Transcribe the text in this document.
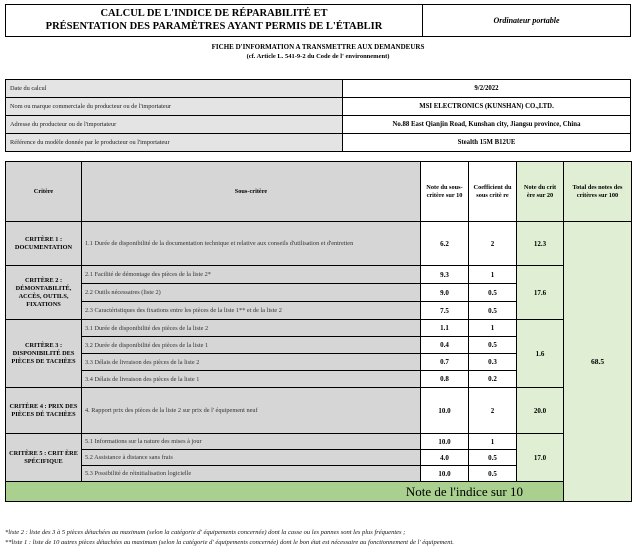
CALCUL DE L'INDICE DE RÉPARABILITÉ ET
PRÉSENTATION DES PARAMÈTRES AYANT PERMIS DE L'ÉTABLIR
Ordinateur portable
FICHE D'INFORMATION A TRANSMETTRE AUX DEMANDEURS
(cf. Article L. 541-9-2 du Code de l' environnement)
Date du calcul	9/2/2022
Nom ou marque commerciale du producteur ou de l'importateur	MSI ELECTRONICS (KUNSHAN) CO.,LTD.
Adresse du producteur ou de l'importateur	No.88 East Qianjin Road, Kunshan city, Jiangsu province, China
Référence du modèle donnée par le producteur ou l'importateur	Stealth 15M B12UE
Critère	Sous-critère	Note du sous-critère sur 10	Coefficient du sous critè re	Note du crit ère sur 20	Total des notes des critères sur 100	
CRITÈRE 1 : DOCUMENTATION	1.1 Durée de disponibilité de la documentation technique et relative aux conseils d'utilisation et d'entretien	6.2	2	12.3	68.5	
CRITÈRE 2 : DÉMONTABILITÉ, ACCÈS, OUTILS, FIXATIONS	2.1 Facilité de démontage des pièces de la liste 2*	9.3	1	17.6		
	2.2 Outils nécessaires (liste 2)	9.0	0.5			
	2.3 Caractéristiques des fixations entre les pièces de la liste 1** et de la liste 2	7.5	0.5			
CRITÈRE 3 : DISPONIBILITÉ DES PIÈCES DE TACHÈES	3.1 Durée de disponibilité des pièces de la liste 2	1.1	1	1.6		
	3.2 Durée de disponibilité des pièces de la liste 1	0.4	0.5			
	3.3 Délais de livraison des pièces de la liste 2	0.7	0.3			
	3.4 Délais de livraison des pièces de la liste 1	0.8	0.2			
CRITÈRE 4 : PRIX DES PIÈCES DÉ TACHÈES	4. Rapport prix des pièces de la liste 2 sur prix de l' équipement neuf	10.0	2	20.0		
CRITÈRE 5 : CRIT ÈRE SPÉCIFIQUE	5.1 Informations sur la nature des mises à jour	10.0	1	17.0		
	5.2 Assistance à distance sans frais	4.0	0.5			
	5.3 Possibilité de réinitialisation logicielle	10.0	0.5			
Note de l'indice sur 10	
*liste 2 : liste des 3 à 5 pièces détachées au maximum (selon la catégorie d' équipements concernée) dont la casse ou les pannes sont les plus fréquentes ;
**liste 1 : liste de 10 autres pièces détachées au maximum (selon la catégorie d' équipements concernée) dont le bon état est nécessaire au fonctionnement de l' équipement.
